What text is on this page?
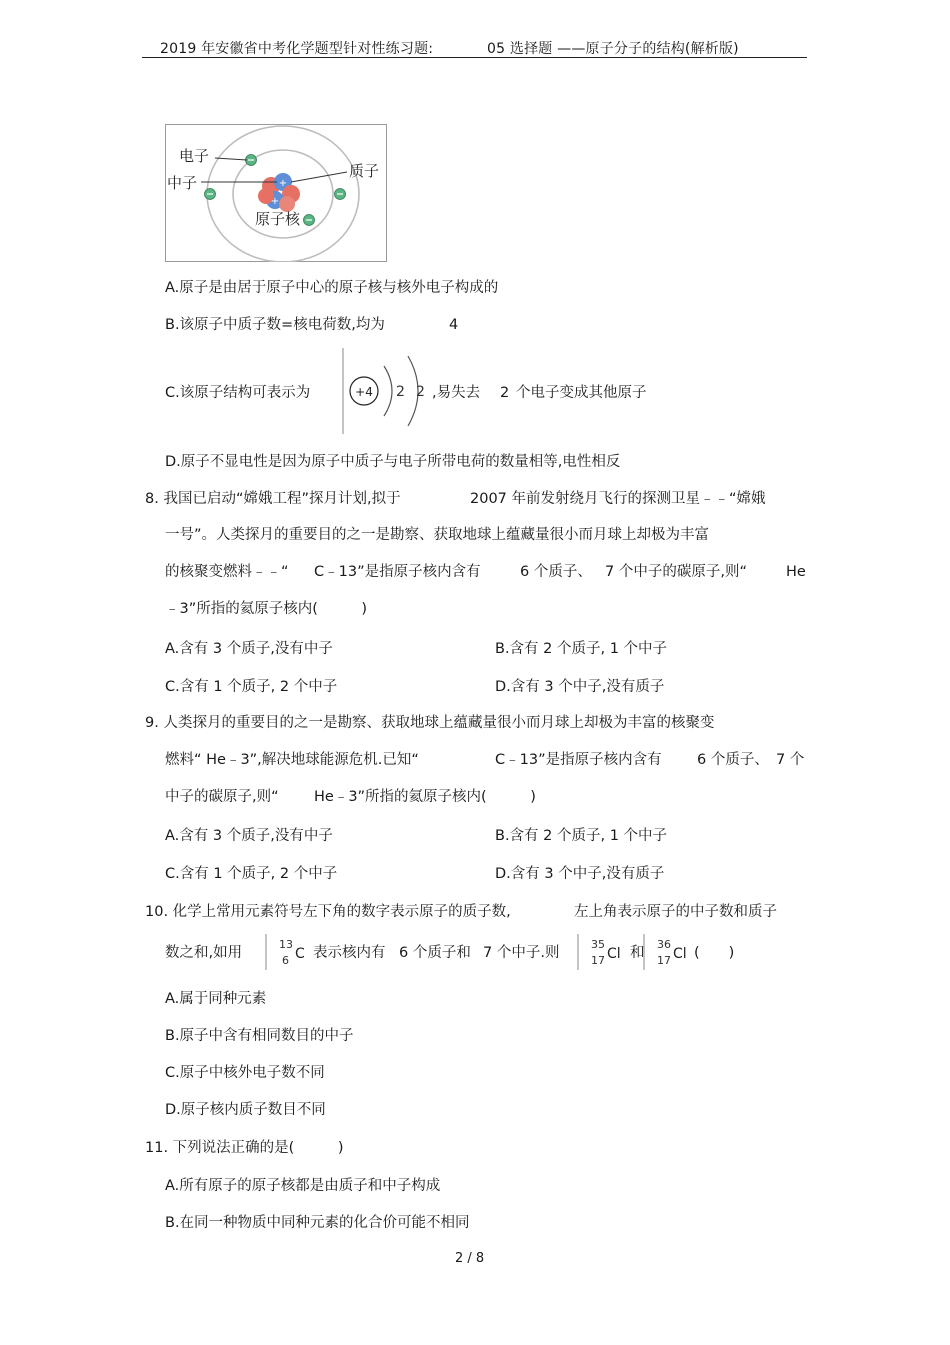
2019 年安徽省中考化学题型针对性练习题:	05 选择题 ——原子分子的结构(解析版)
+
+
电子
中子
质子
原子核
A.原子是由居于原子中心的原子核与核外电子构成的
B.该原子中质子数=核电荷数,均为	4
C.该原子结构可表示为	+4 2 2 ,易失去 2 个电子变成其他原子
D.原子不显电性是因为原子中质子与电子所带电荷的数量相等,电性相反
8. 我国已启动“嫦娥工程”探月计划,拟于	2007 年前发射绕月飞行的探测卫星﹣﹣“嫦娥
一号”。人类探月的重要目的之一是勘察、获取地球上蕴藏量很小而月球上却极为丰富
的核聚变燃料﹣﹣“ C﹣13”是指原子核内含有	6 个质子、 7 个中子的碳原子,则“	He
﹣3”所指的氦原子核内(　　　)
A.含有 3 个质子,没有中子	B.含有 2 个质子, 1 个中子
C.含有 1 个质子, 2 个中子	D.含有 3 个中子,没有质子
9. 人类探月的重要目的之一是勘察、获取地球上蕴藏量很小而月球上却极为丰富的核聚变
燃料“ He﹣3”,解决地球能源危机.已知“	C﹣13”是指原子核内含有 6 个质子、 7 个
中子的碳原子,则“ He﹣3”所指的氦原子核内(　　　)
A.含有 3 个质子,没有中子	B.含有 2 个质子, 1 个中子
C.含有 1 个质子, 2 个中子	D.含有 3 个中子,没有质子
10. 化学上常用元素符号左下角的数字表示原子的质子数,	左上角表示原子的中子数和质子
数之和,如用
13
6 C 表示核内有 6 个质子和 7 个中子.则
35
17 Cl 和
36
17 Cl (　　)
A.属于同种元素
B.原子中含有相同数目的中子
C.原子中核外电子数不同
D.原子核内质子数目不同
11. 下列说法正确的是(　　　)
A.所有原子的原子核都是由质子和中子构成
B.在同一种物质中同种元素的化合价可能不相同
2 / 8
